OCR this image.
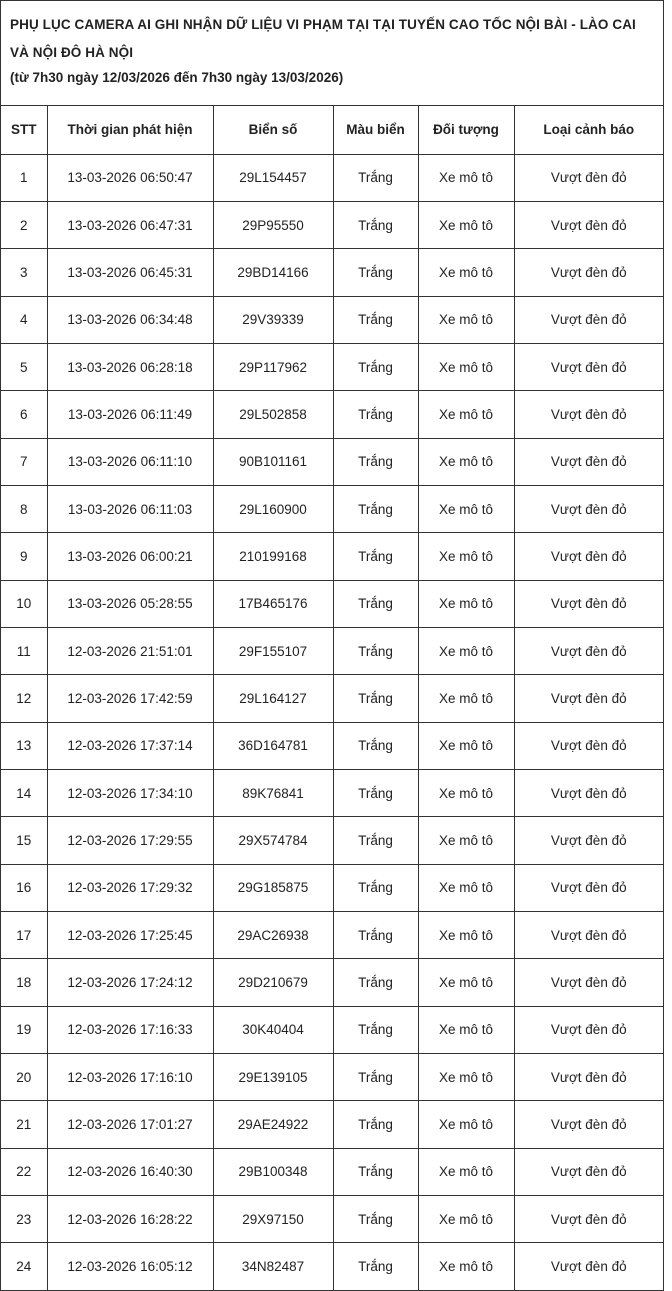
PHỤ LỤC CAMERA AI GHI NHẬN DỮ LIỆU VI PHẠM TẠI TẠI TUYẾN CAO TỐC NỘI BÀI - LÀO CAI VÀ NỘI ĐÔ HÀ NỘI

(từ 7h30 ngày 12/03/2026 đến 7h30 ngày 13/03/2026)

STT	Thời gian phát hiện	Biển số	Màu biển	Đối tượng	Loại cảnh báo
1	13-03-2026 06:50:47	29L154457	Trắng	Xe mô tô	Vượt đèn đỏ
2	13-03-2026 06:47:31	29P95550	Trắng	Xe mô tô	Vượt đèn đỏ
3	13-03-2026 06:45:31	29BD14166	Trắng	Xe mô tô	Vượt đèn đỏ
4	13-03-2026 06:34:48	29V39339	Trắng	Xe mô tô	Vượt đèn đỏ
5	13-03-2026 06:28:18	29P117962	Trắng	Xe mô tô	Vượt đèn đỏ
6	13-03-2026 06:11:49	29L502858	Trắng	Xe mô tô	Vượt đèn đỏ
7	13-03-2026 06:11:10	90B101161	Trắng	Xe mô tô	Vượt đèn đỏ
8	13-03-2026 06:11:03	29L160900	Trắng	Xe mô tô	Vượt đèn đỏ
9	13-03-2026 06:00:21	210199168	Trắng	Xe mô tô	Vượt đèn đỏ
10	13-03-2026 05:28:55	17B465176	Trắng	Xe mô tô	Vượt đèn đỏ
11	12-03-2026 21:51:01	29F155107	Trắng	Xe mô tô	Vượt đèn đỏ
12	12-03-2026 17:42:59	29L164127	Trắng	Xe mô tô	Vượt đèn đỏ
13	12-03-2026 17:37:14	36D164781	Trắng	Xe mô tô	Vượt đèn đỏ
14	12-03-2026 17:34:10	89K76841	Trắng	Xe mô tô	Vượt đèn đỏ
15	12-03-2026 17:29:55	29X574784	Trắng	Xe mô tô	Vượt đèn đỏ
16	12-03-2026 17:29:32	29G185875	Trắng	Xe mô tô	Vượt đèn đỏ
17	12-03-2026 17:25:45	29AC26938	Trắng	Xe mô tô	Vượt đèn đỏ
18	12-03-2026 17:24:12	29D210679	Trắng	Xe mô tô	Vượt đèn đỏ
19	12-03-2026 17:16:33	30K40404	Trắng	Xe mô tô	Vượt đèn đỏ
20	12-03-2026 17:16:10	29E139105	Trắng	Xe mô tô	Vượt đèn đỏ
21	12-03-2026 17:01:27	29AE24922	Trắng	Xe mô tô	Vượt đèn đỏ
22	12-03-2026 16:40:30	29B100348	Trắng	Xe mô tô	Vượt đèn đỏ
23	12-03-2026 16:28:22	29X97150	Trắng	Xe mô tô	Vượt đèn đỏ
24	12-03-2026 16:05:12	34N82487	Trắng	Xe mô tô	Vượt đèn đỏ
